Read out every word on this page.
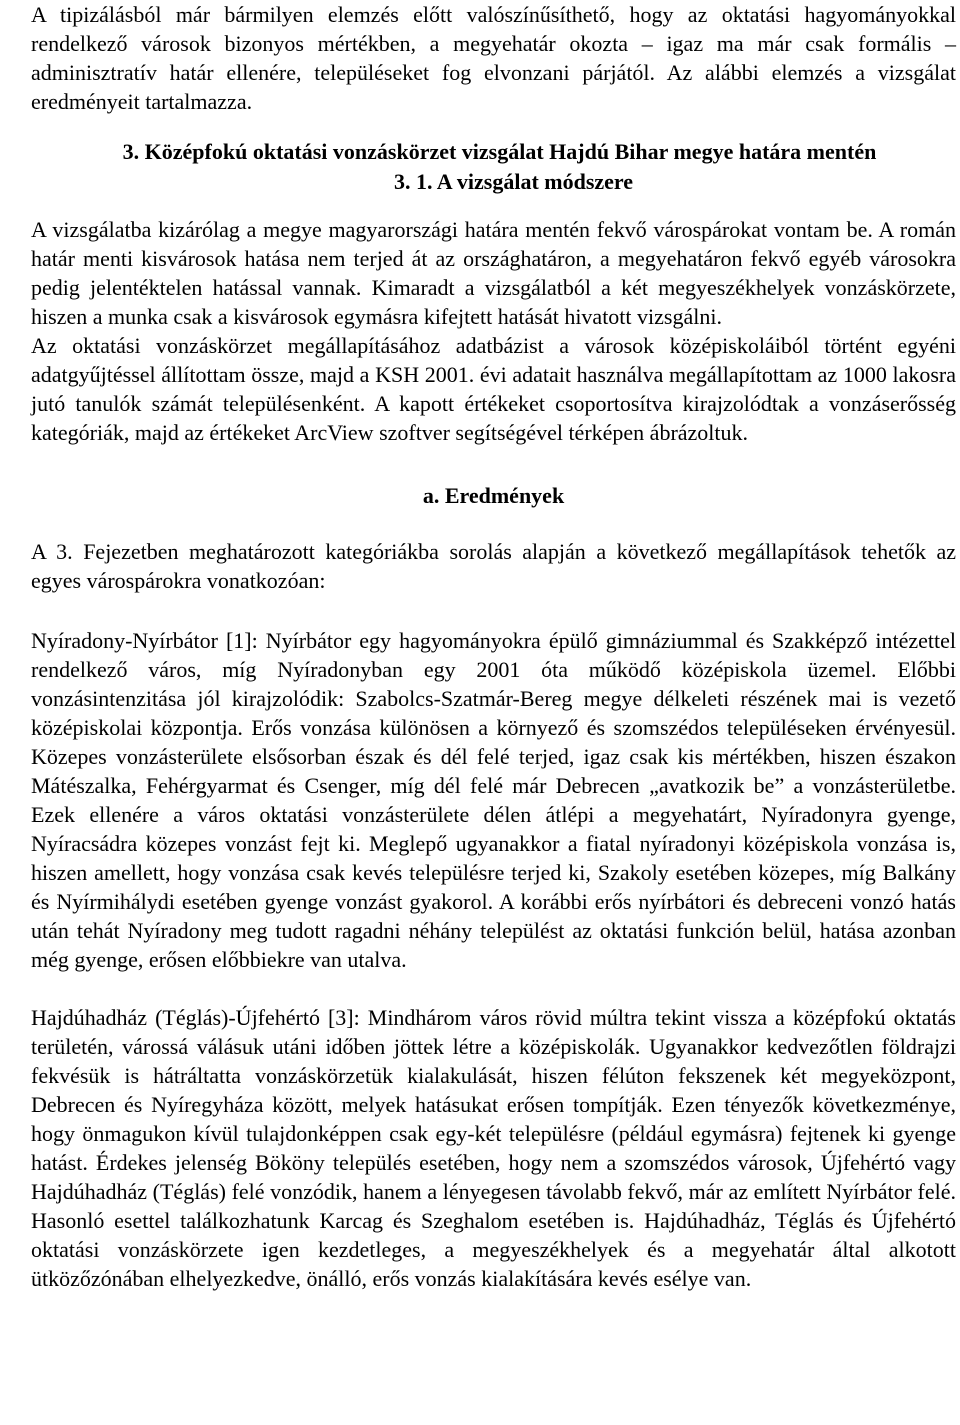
A tipizálásból már bármilyen elemzés előtt valószínűsíthető, hogy az oktatási hagyományokkal rendelkező városok bizonyos mértékben, a megyehatár okozta – igaz ma már csak formális – adminisztratív határ ellenére, településeket fog elvonzani párjától. Az alábbi elemzés a vizsgálat eredményeit tartalmazza.

3. Középfokú oktatási vonzáskörzet vizsgálat Hajdú Bihar megye határa mentén
3. 1. A vizsgálat módszere

A vizsgálatba kizárólag a megye magyarországi határa mentén fekvő várospárokat vontam be. A román határ menti kisvárosok hatása nem terjed át az országhatáron, a megyehatáron fekvő egyéb városokra pedig jelentéktelen hatással vannak. Kimaradt a vizsgálatból a két megyeszékhelyek vonzáskörzete, hiszen a munka csak a kisvárosok egymásra kifejtett hatását hivatott vizsgálni.

Az oktatási vonzáskörzet megállapításához adatbázist a városok középiskoláiból történt egyéni adatgyűjtéssel állítottam össze, majd a KSH 2001. évi adatait használva megállapítottam az 1000 lakosra jutó tanulók számát településenként. A kapott értékeket csoportosítva kirajzolódtak a vonzáserősség kategóriák, majd az értékeket ArcView szoftver segítségével térképen ábrázoltuk.

a. Eredmények

A 3. Fejezetben meghatározott kategóriákba sorolás alapján a következő megállapítások tehetők az egyes várospárokra vonatkozóan:

Nyíradony-Nyírbátor [1]: Nyírbátor egy hagyományokra épülő gimnáziummal és Szakképző intézettel rendelkező város, míg Nyíradonyban egy 2001 óta működő középiskola üzemel. Előbbi vonzásintenzitása jól kirajzolódik: Szabolcs-Szatmár-Bereg megye délkeleti részének mai is vezető középiskolai központja. Erős vonzása különösen a környező és szomszédos településeken érvényesül. Közepes vonzásterülete elsősorban észak és dél felé terjed, igaz csak kis mértékben, hiszen északon Mátészalka, Fehérgyarmat és Csenger, míg dél felé már Debrecen „avatkozik be” a vonzásterületbe. Ezek ellenére a város oktatási vonzásterülete délen átlépi a megyehatárt, Nyíradonyra gyenge, Nyíracsádra közepes vonzást fejt ki. Meglepő ugyanakkor a fiatal nyíradonyi középiskola vonzása is, hiszen amellett, hogy vonzása csak kevés településre terjed ki, Szakoly esetében közepes, míg Balkány és Nyírmihálydi esetében gyenge vonzást gyakorol. A korábbi erős nyírbátori és debreceni vonzó hatás után tehát Nyíradony meg tudott ragadni néhány települést az oktatási funkción belül, hatása azonban még gyenge, erősen előbbiekre van utalva.

Hajdúhadház (Téglás)-Újfehértó [3]: Mindhárom város rövid múltra tekint vissza a középfokú oktatás területén, várossá válásuk utáni időben jöttek létre a középiskolák. Ugyanakkor kedvezőtlen földrajzi fekvésük is hátráltatta vonzáskörzetük kialakulását, hiszen félúton fekszenek két megyeközpont, Debrecen és Nyíregyháza között, melyek hatásukat erősen tompítják. Ezen tényezők következménye, hogy önmagukon kívül tulajdonképpen csak egy-két településre (például egymásra) fejtenek ki gyenge hatást. Érdekes jelenség Bököny település esetében, hogy nem a szomszédos városok, Újfehértó vagy Hajdúhadház (Téglás) felé vonzódik, hanem a lényegesen távolabb fekvő, már az említett Nyírbátor felé. Hasonló esettel találkozhatunk Karcag és Szeghalom esetében is. Hajdúhadház, Téglás és Újfehértó oktatási vonzáskörzete igen kezdetleges, a megyeszékhelyek és a megyehatár által alkotott ütközőzónában elhelyezkedve, önálló, erős vonzás kialakítására kevés esélye van.
